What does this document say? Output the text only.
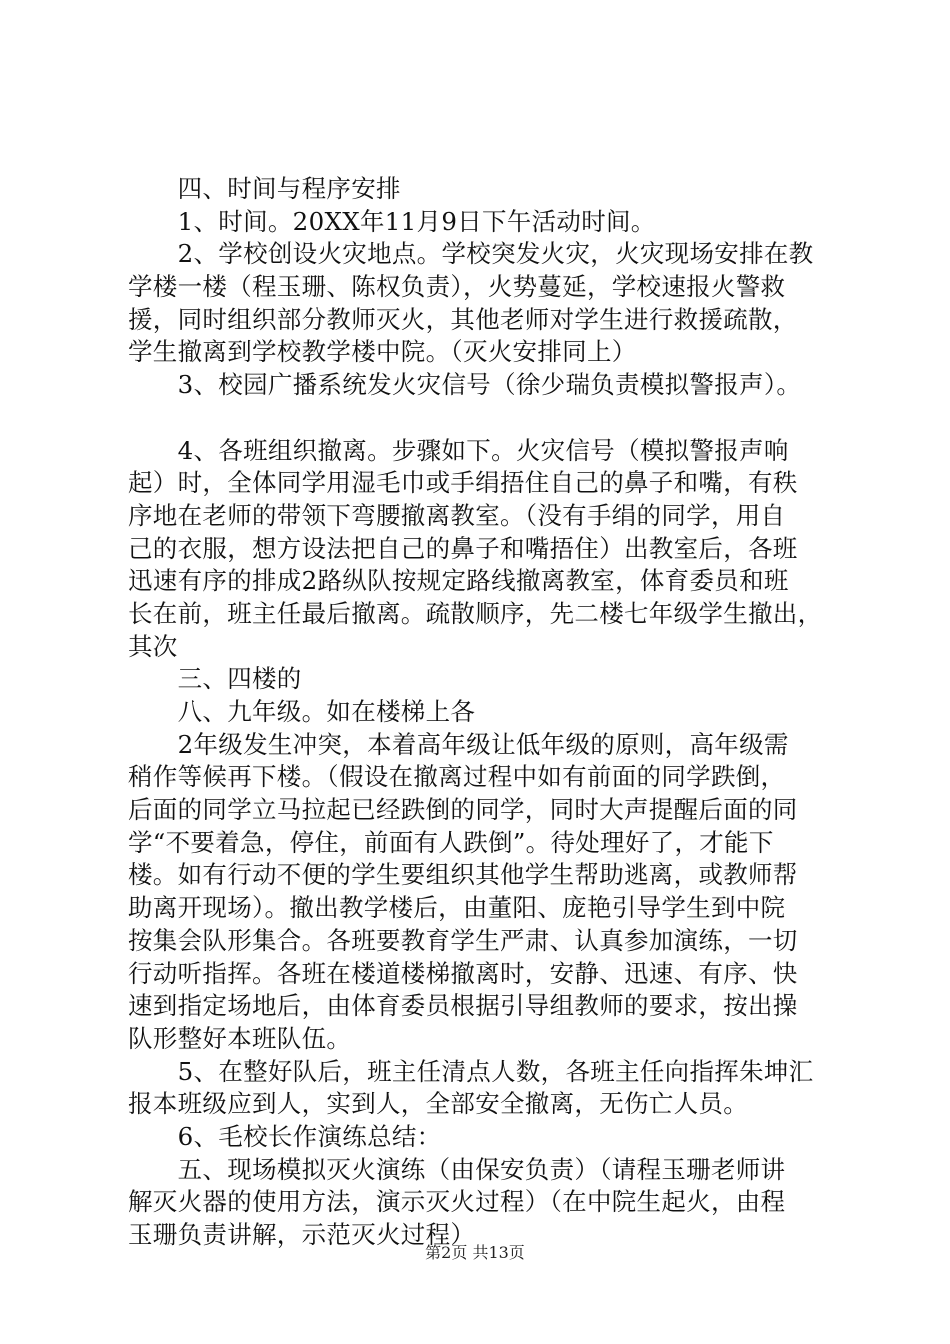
　　四、时间与程序安排
　　1、时间。20XX年11月9日下午活动时间。
　　2、学校创设火灾地点。学校突发火灾，火灾现场安排在教
学楼一楼（程玉珊、陈权负责），火势蔓延，学校速报火警救
援，同时组织部分教师灭火，其他老师对学生进行救援疏散，
学生撤离到学校教学楼中院。（灭火安排同上）
　　3、校园广播系统发火灾信号（徐少瑞负责模拟警报声）。
　　4、各班组织撤离。步骤如下。火灾信号（模拟警报声响
起）时，全体同学用湿毛巾或手绢捂住自己的鼻子和嘴，有秩
序地在老师的带领下弯腰撤离教室。（没有手绢的同学，用自
己的衣服，想方设法把自己的鼻子和嘴捂住）出教室后，各班
迅速有序的排成2路纵队按规定路线撤离教室，体育委员和班
长在前，班主任最后撤离。疏散顺序，先二楼七年级学生撤出，
其次
　　三、四楼的
　　八、九年级。如在楼梯上各
　　2年级发生冲突，本着高年级让低年级的原则，高年级需
稍作等候再下楼。（假设在撤离过程中如有前面的同学跌倒，
后面的同学立马拉起已经跌倒的同学，同时大声提醒后面的同
学“不要着急，停住，前面有人跌倒”。待处理好了，才能下
楼。如有行动不便的学生要组织其他学生帮助逃离，或教师帮
助离开现场）。撤出教学楼后，由董阳、庞艳引导学生到中院
按集会队形集合。各班要教育学生严肃、认真参加演练，一切
行动听指挥。各班在楼道楼梯撤离时，安静、迅速、有序、快
速到指定场地后，由体育委员根据引导组教师的要求，按出操
队形整好本班队伍。
　　5、在整好队后，班主任清点人数，各班主任向指挥朱坤汇
报本班级应到人，实到人，全部安全撤离，无伤亡人员。
　　6、毛校长作演练总结：
　　五、现场模拟灭火演练（由保安负责）（请程玉珊老师讲
解灭火器的使用方法，演示灭火过程）（在中院生起火，由程
玉珊负责讲解，示范灭火过程）
第2页 共13页
